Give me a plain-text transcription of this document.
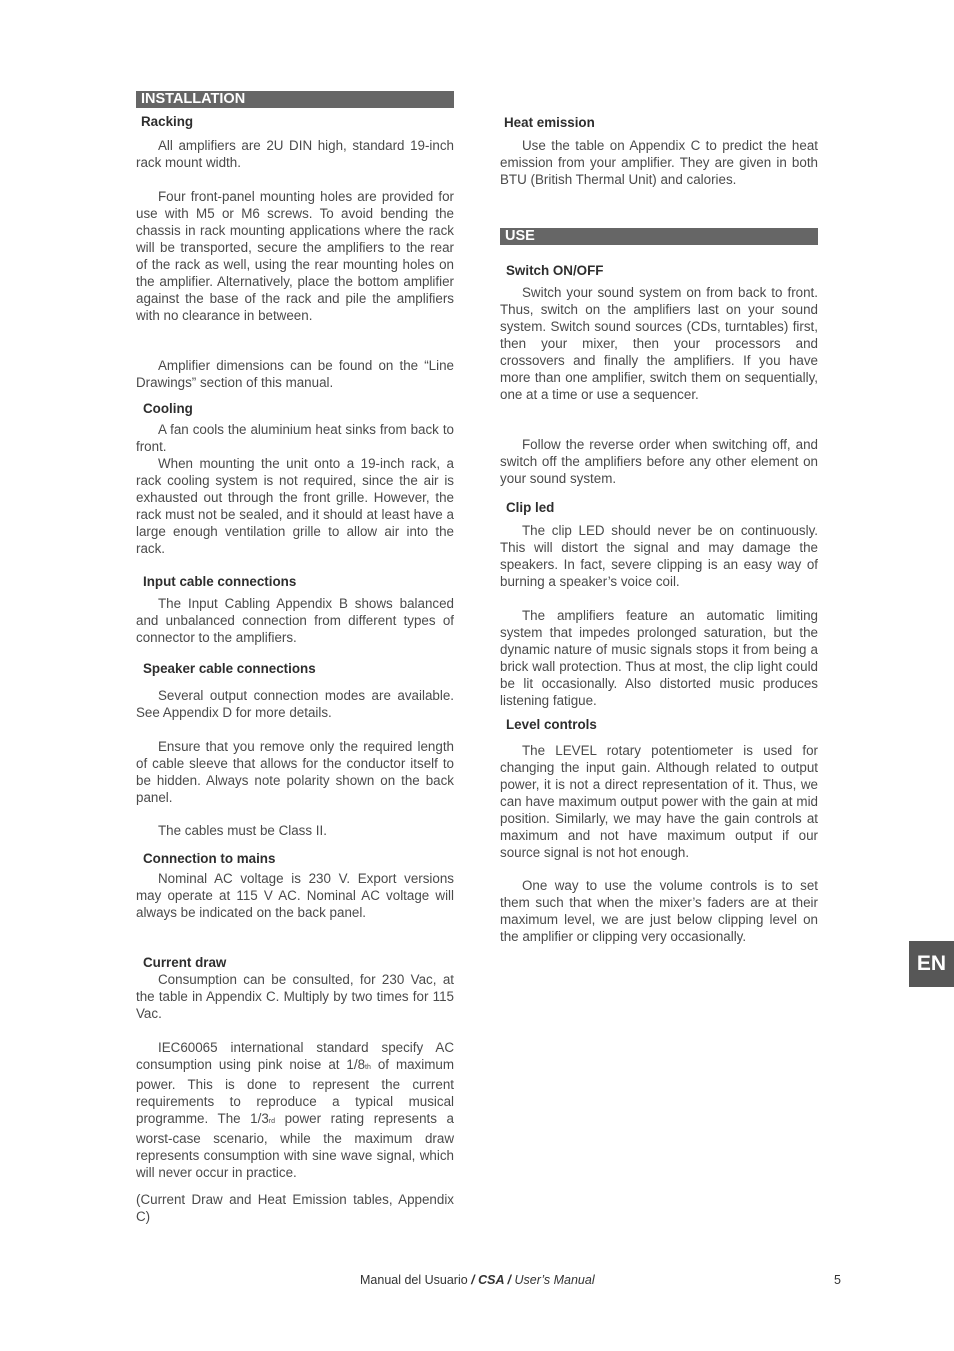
INSTALLATION
Racking
All amplifiers are 2U DIN high, standard 19-inch rack mount width.
Four front-panel mounting holes are provided for use with M5 or M6 screws. To avoid bending the chassis in rack mounting applications where the rack will be transported, secure the amplifiers to the rear of the rack as well, using the rear mounting holes on the amplifier. Alternatively, place the bottom amplifier against the base of the rack and pile the amplifiers with no clearance in between.
Amplifier dimensions can be found on the “Line Drawings” section of this manual.
Cooling
A fan cools the aluminium heat sinks from back to front.
When mounting the unit onto a 19-inch rack, a rack cooling system is not required, since the air is exhausted out through the front grille. However, the rack must not be sealed, and it should at least have a large enough ventilation grille to allow air into the rack.
Input cable connections
The Input Cabling Appendix B shows balanced and unbalanced connection from different types of connector to the amplifiers.
Speaker cable connections
Several output connection modes are available. See Appendix D for more details.
Ensure that you remove only the required length of cable sleeve that allows for the conductor itself to be hidden. Always note polarity shown on the back panel.
The cables must be Class II.
Connection to mains
Nominal AC voltage is 230 V. Export versions may operate at 115 V AC. Nominal AC voltage will always be indicated on the back panel.
Current draw
Consumption can be consulted, for 230 Vac, at the table in Appendix C. Multiply by two times for 115 Vac.
IEC60065 international standard specify AC consumption using pink noise at 1/8th of maximum power. This is done to represent the current requirements to reproduce a typical musical programme. The 1/3rd power rating represents a worst-case scenario, while the maximum draw represents consumption with sine wave signal, which will never occur in practice.
(Current Draw and Heat Emission tables, Appendix C)
Heat emission
Use the table on Appendix C to predict the heat emission from your amplifier. They are given in both BTU (British Thermal Unit) and calories.
USE
Switch ON/OFF
Switch your sound system on from back to front. Thus, switch on the amplifiers last on your sound system. Switch sound sources (CDs, turntables) first, then your mixer, then your processors and crossovers and finally the amplifiers. If you have more than one amplifier, switch them on sequentially, one at a time or use a sequencer.
Follow the reverse order when switching off, and switch off the amplifiers before any other element on your sound system.
Clip led
The clip LED should never be on continuously. This will distort the signal and may damage the speakers. In fact, severe clipping is an easy way of burning a speaker’s voice coil.
The amplifiers feature an automatic limiting system that impedes prolonged saturation, but the dynamic nature of music signals stops it from being a brick wall protection. Thus at most, the clip light could be lit occasionally. Also distorted music produces listening fatigue.
Level controls
The LEVEL rotary potentiometer is used for changing the input gain. Although related to output power, it is not a direct representation of it. Thus, we can have maximum output power with the gain at mid position. Similarly, we may have the gain controls at maximum and not have maximum output if our source signal is not hot enough.
One way to use the volume controls is to set them such that when the mixer’s faders are at their maximum level, we are just below clipping level on the amplifier or clipping very occasionally.
EN
Manual del Usuario / CSA / User’s Manual	5
